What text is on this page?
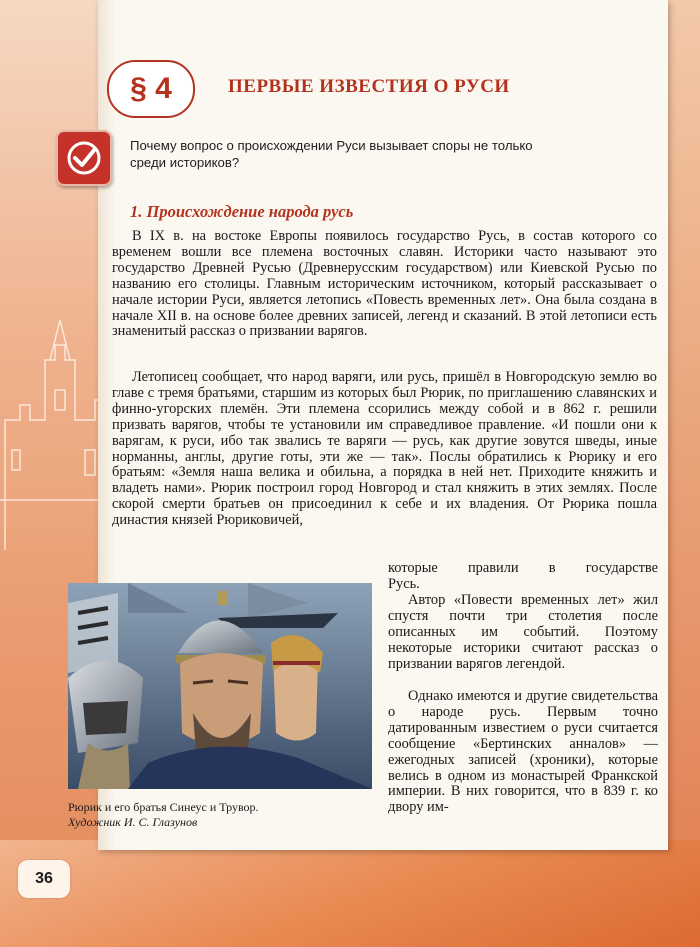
§ 4	ПЕРВЫЕ ИЗВЕСТИЯ О РУСИ
Почему вопрос о происхождении Руси вызывает споры не только
среди историков?
1. Происхождение народа русь
В IX в. на востоке Европы появилось государство Русь, в состав которого со временем вошли все племена восточных славян. Историки часто называют это государство Древней Русью (Древнерусским государством) или Киевской Русью по названию его столицы. Главным историческим источником, который рассказывает о начале истории Руси, является летопись «Повесть временных лет». Она была создана в начале XII в. на основе более древних записей, легенд и сказаний. В этой летописи есть знаменитый рассказ о призвании варягов.
Летописец сообщает, что народ варяги, или русь, пришёл в Новгородскую землю во главе с тремя братьями, старшим из которых был Рюрик, по приглашению славянских и финно-угорских племён. Эти племена ссорились между собой и в 862 г. решили призвать варягов, чтобы те установили им справедливое правление. «И пошли они к варягам, к руси, ибо так звались те варяги — русь, как другие зовутся шведы, иные норманны, англы, другие готы, эти же — так». Послы обратились к Рюрику и его братьям: «Земля наша велика и обильна, а порядка в ней нет. Приходите княжить и владеть нами». Рюрик построил город Новгород и стал княжить в этих землях. После скорой смерти братьев он присоединил к себе и их владения. От Рюрика пошла династия князей Рюриковичей,
которые правили в государстве
Русь.
Автор «Повести временных лет» жил спустя почти три столетия после описанных им событий. Поэтому некоторые историки считают рассказ о призвании варягов легендой.
Однако имеются и другие свидетельства о народе русь. Первым точно датированным известием о руси считается сообщение «Бертинских анналов» — ежегодных записей (хроники), которые велись в одном из монастырей Франкской империи. В них говорится, что в 839 г. ко двору им-
Рюрик и его братья Синеус и Трувор.
Художник И. С. Глазунов
36
